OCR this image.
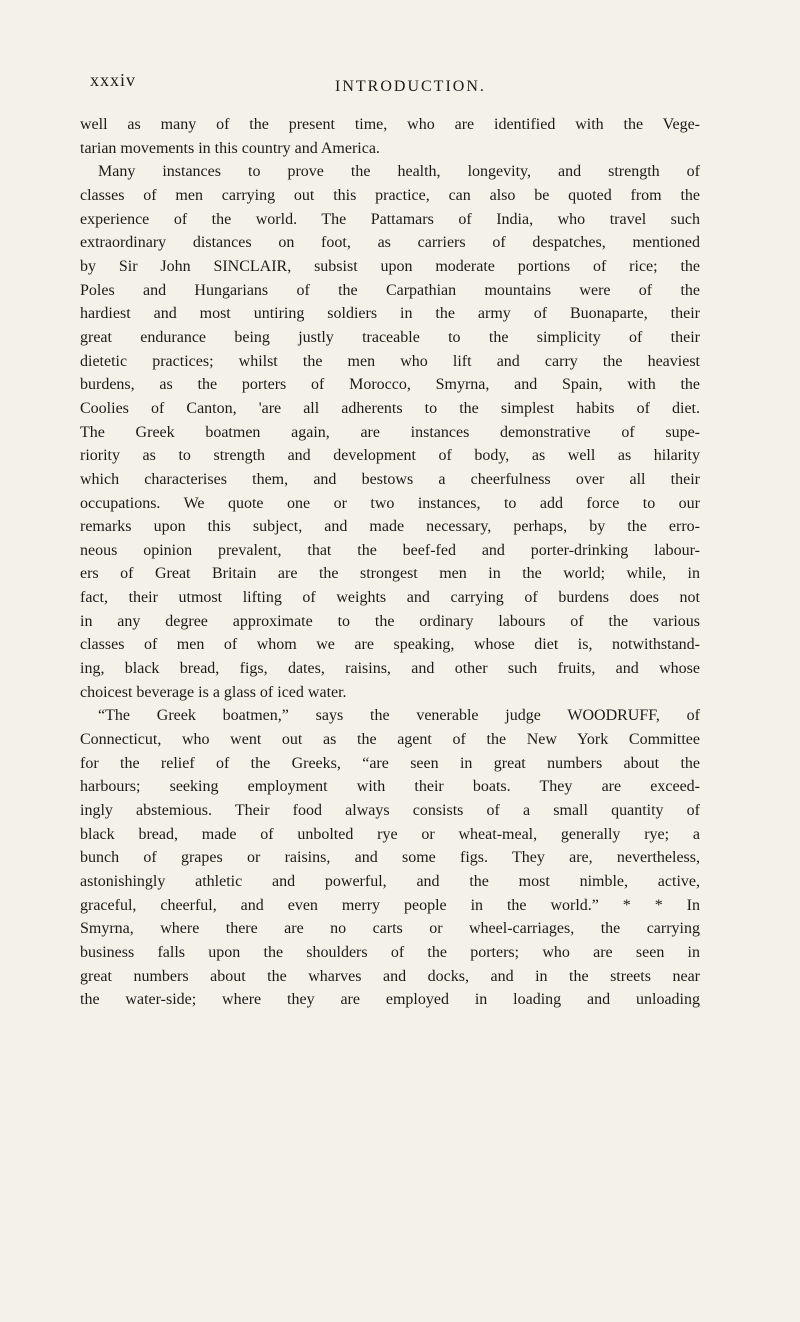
xxxiv	INTRODUCTION.
well as many of the present time, who are identified with the Vege-
tarian movements in this country and America.
Many instances to prove the health, longevity, and strength of
classes of men carrying out this practice, can also be quoted from the
experience of the world. The Pattamars of India, who travel such
extraordinary distances on foot, as carriers of despatches, mentioned
by Sir John SINCLAIR, subsist upon moderate portions of rice; the
Poles and Hungarians of the Carpathian mountains were of the
hardiest and most untiring soldiers in the army of Buonaparte, their
great endurance being justly traceable to the simplicity of their
dietetic practices; whilst the men who lift and carry the heaviest
burdens, as the porters of Morocco, Smyrna, and Spain, with the
Coolies of Canton, 'are all adherents to the simplest habits of diet.
The Greek boatmen again, are instances demonstrative of supe-
riority as to strength and development of body, as well as hilarity
which characterises them, and bestows a cheerfulness over all their
occupations. We quote one or two instances, to add force to our
remarks upon this subject, and made necessary, perhaps, by the erro-
neous opinion prevalent, that the beef-fed and porter-drinking labour-
ers of Great Britain are the strongest men in the world; while, in
fact, their utmost lifting of weights and carrying of burdens does not
in any degree approximate to the ordinary labours of the various
classes of men of whom we are speaking, whose diet is, notwithstand-
ing, black bread, figs, dates, raisins, and other such fruits, and whose
choicest beverage is a glass of iced water.
“The Greek boatmen,” says the venerable judge WOODRUFF, of
Connecticut, who went out as the agent of the New York Committee
for the relief of the Greeks, “are seen in great numbers about the
harbours; seeking employment with their boats. They are exceed-
ingly abstemious. Their food always consists of a small quantity of
black bread, made of unbolted rye or wheat-meal, generally rye; a
bunch of grapes or raisins, and some figs. They are, nevertheless,
astonishingly athletic and powerful, and the most nimble, active,
graceful, cheerful, and even merry people in the world.” * * In
Smyrna, where there are no carts or wheel-carriages, the carrying
business falls upon the shoulders of the porters; who are seen in
great numbers about the wharves and docks, and in the streets near
the water-side; where they are employed in loading and unloading
